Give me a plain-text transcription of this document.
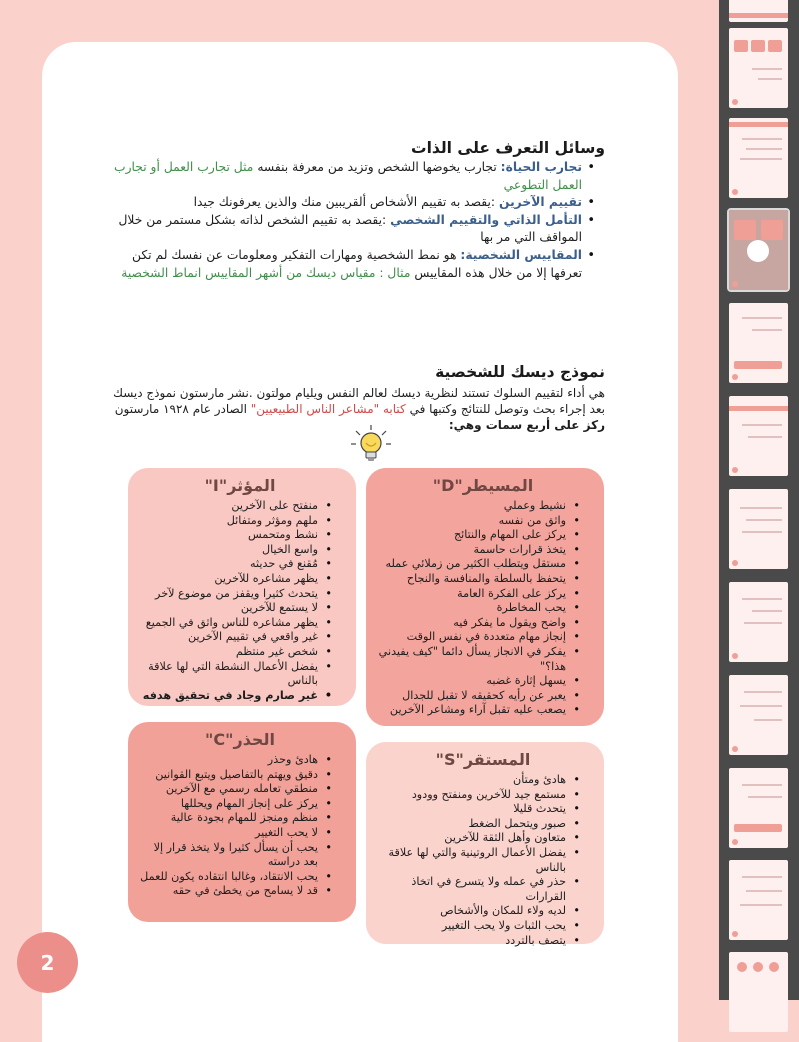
وسائل التعرف على الذات
• تجارب الحياة: تجارب يخوضها الشخص وتزيد من معرفة بنفسه مثل تجارب العمل أو تجارب العمل التطوعي
• تقييم الآخرين :يقصد به تقييم الأشخاص ألقريبين منك والذين يعرفونك جيدا
• التأمل الذاتي والتقييم الشخصي :يقصد به تقييم الشخص لذاته بشكل مستمر من خلال المواقف التي مر بها
• المقاييس الشخصية: هو نمط الشخصية ومهارات التفكير ومعلومات عن نفسك لم تكن تعرفها إلا من خلال هذه المقاييس مثال : مقياس ديسك من أشهر المقاييس انماط الشخصية
نموذج ديسك للشخصية

هي أداء لتقييم السلوك تستند لنظرية ديسك لعالم النفس ويليام مولتون .نشر مارستون نموذج ديسك بعد إجراء بحث وتوصل للنتائج وكتبها في كتابه "مشاعر الناس الطبيعيين" الصادر عام ١٩٢٨ مارستون ركز على أربع سمات وهي:

المسيطر"D"
• نشيط وعملي
• واثق من نفسه
• يركز على المهام والنتائج
• يتخذ قرارات حاسمة
• مستقل ويتطلب الكثير من زملائي عمله
• يتحفظ بالسلطة والمنافسة والنجاح
• يركز على الفكرة العامة
• يحب المخاطرة
• واضح ويقول ما يفكر فيه
• إنجاز مهام متعددة في نفس الوقت
• يفكر في الانجاز يسأل دائما "كيف يفيدني هذا؟"
• يسهل إثارة غضبه
• يعبر عن رأيه كحقيقه لا تقبل للجدال
• يصعب عليه تقبل آراء ومشاعر الآخرين
المؤثر"I"
• منفتح على الآخرين
• ملهم ومؤثر ومتفائل
• نشط ومتحمس
• واسع الخيال
• مُقنع في حديثه
• يظهر مشاعره للآخرين
• يتحدث كثيرا ويقفز من موضوع لآخر
• لا يستمع للآخرين
• يظهر مشاعره للناس واثق في الجميع
• غير واقعي في تقييم الآخرين
• شخص غير منتظم
• يفضل الأعمال النشطة التي لها علاقة بالناس
• غير صارم وجاد في تحقيق هدفه
الحذر"C"
• هادئ وحذر
• دقيق ويهتم بالتفاصيل ويتبع القوانين
• منطقي تعامله رسمي مع الآخرين
• يركز على إنجاز المهام ويحللها
• منظم ومنجز للمهام بجودة عالية
• لا يحب التغيير
• يحب أن يسأل كثيرا ولا يتخذ قرار إلا بعد دراسته
• يحب الانتقاد، وغالبا انتقاده يكون للعمل
• قد لا يسامح من يخطئ في حقه
المستقر"S"
• هادئ ومتأن
• مستمع جيد للآخرين ومنفتح وودود
• يتحدث قليلا
• صبور ويتحمل الضغط
• متعاون وأهل الثقة للآخرين
• يفضل الأعمال الروتينية والتي لها علاقة بالناس
• حذر في عمله ولا يتسرع في اتخاذ القرارات
• لديه ولاء للمكان والأشخاص
• يحب الثبات ولا يحب التغيير
• يتصف بالتردد
2
